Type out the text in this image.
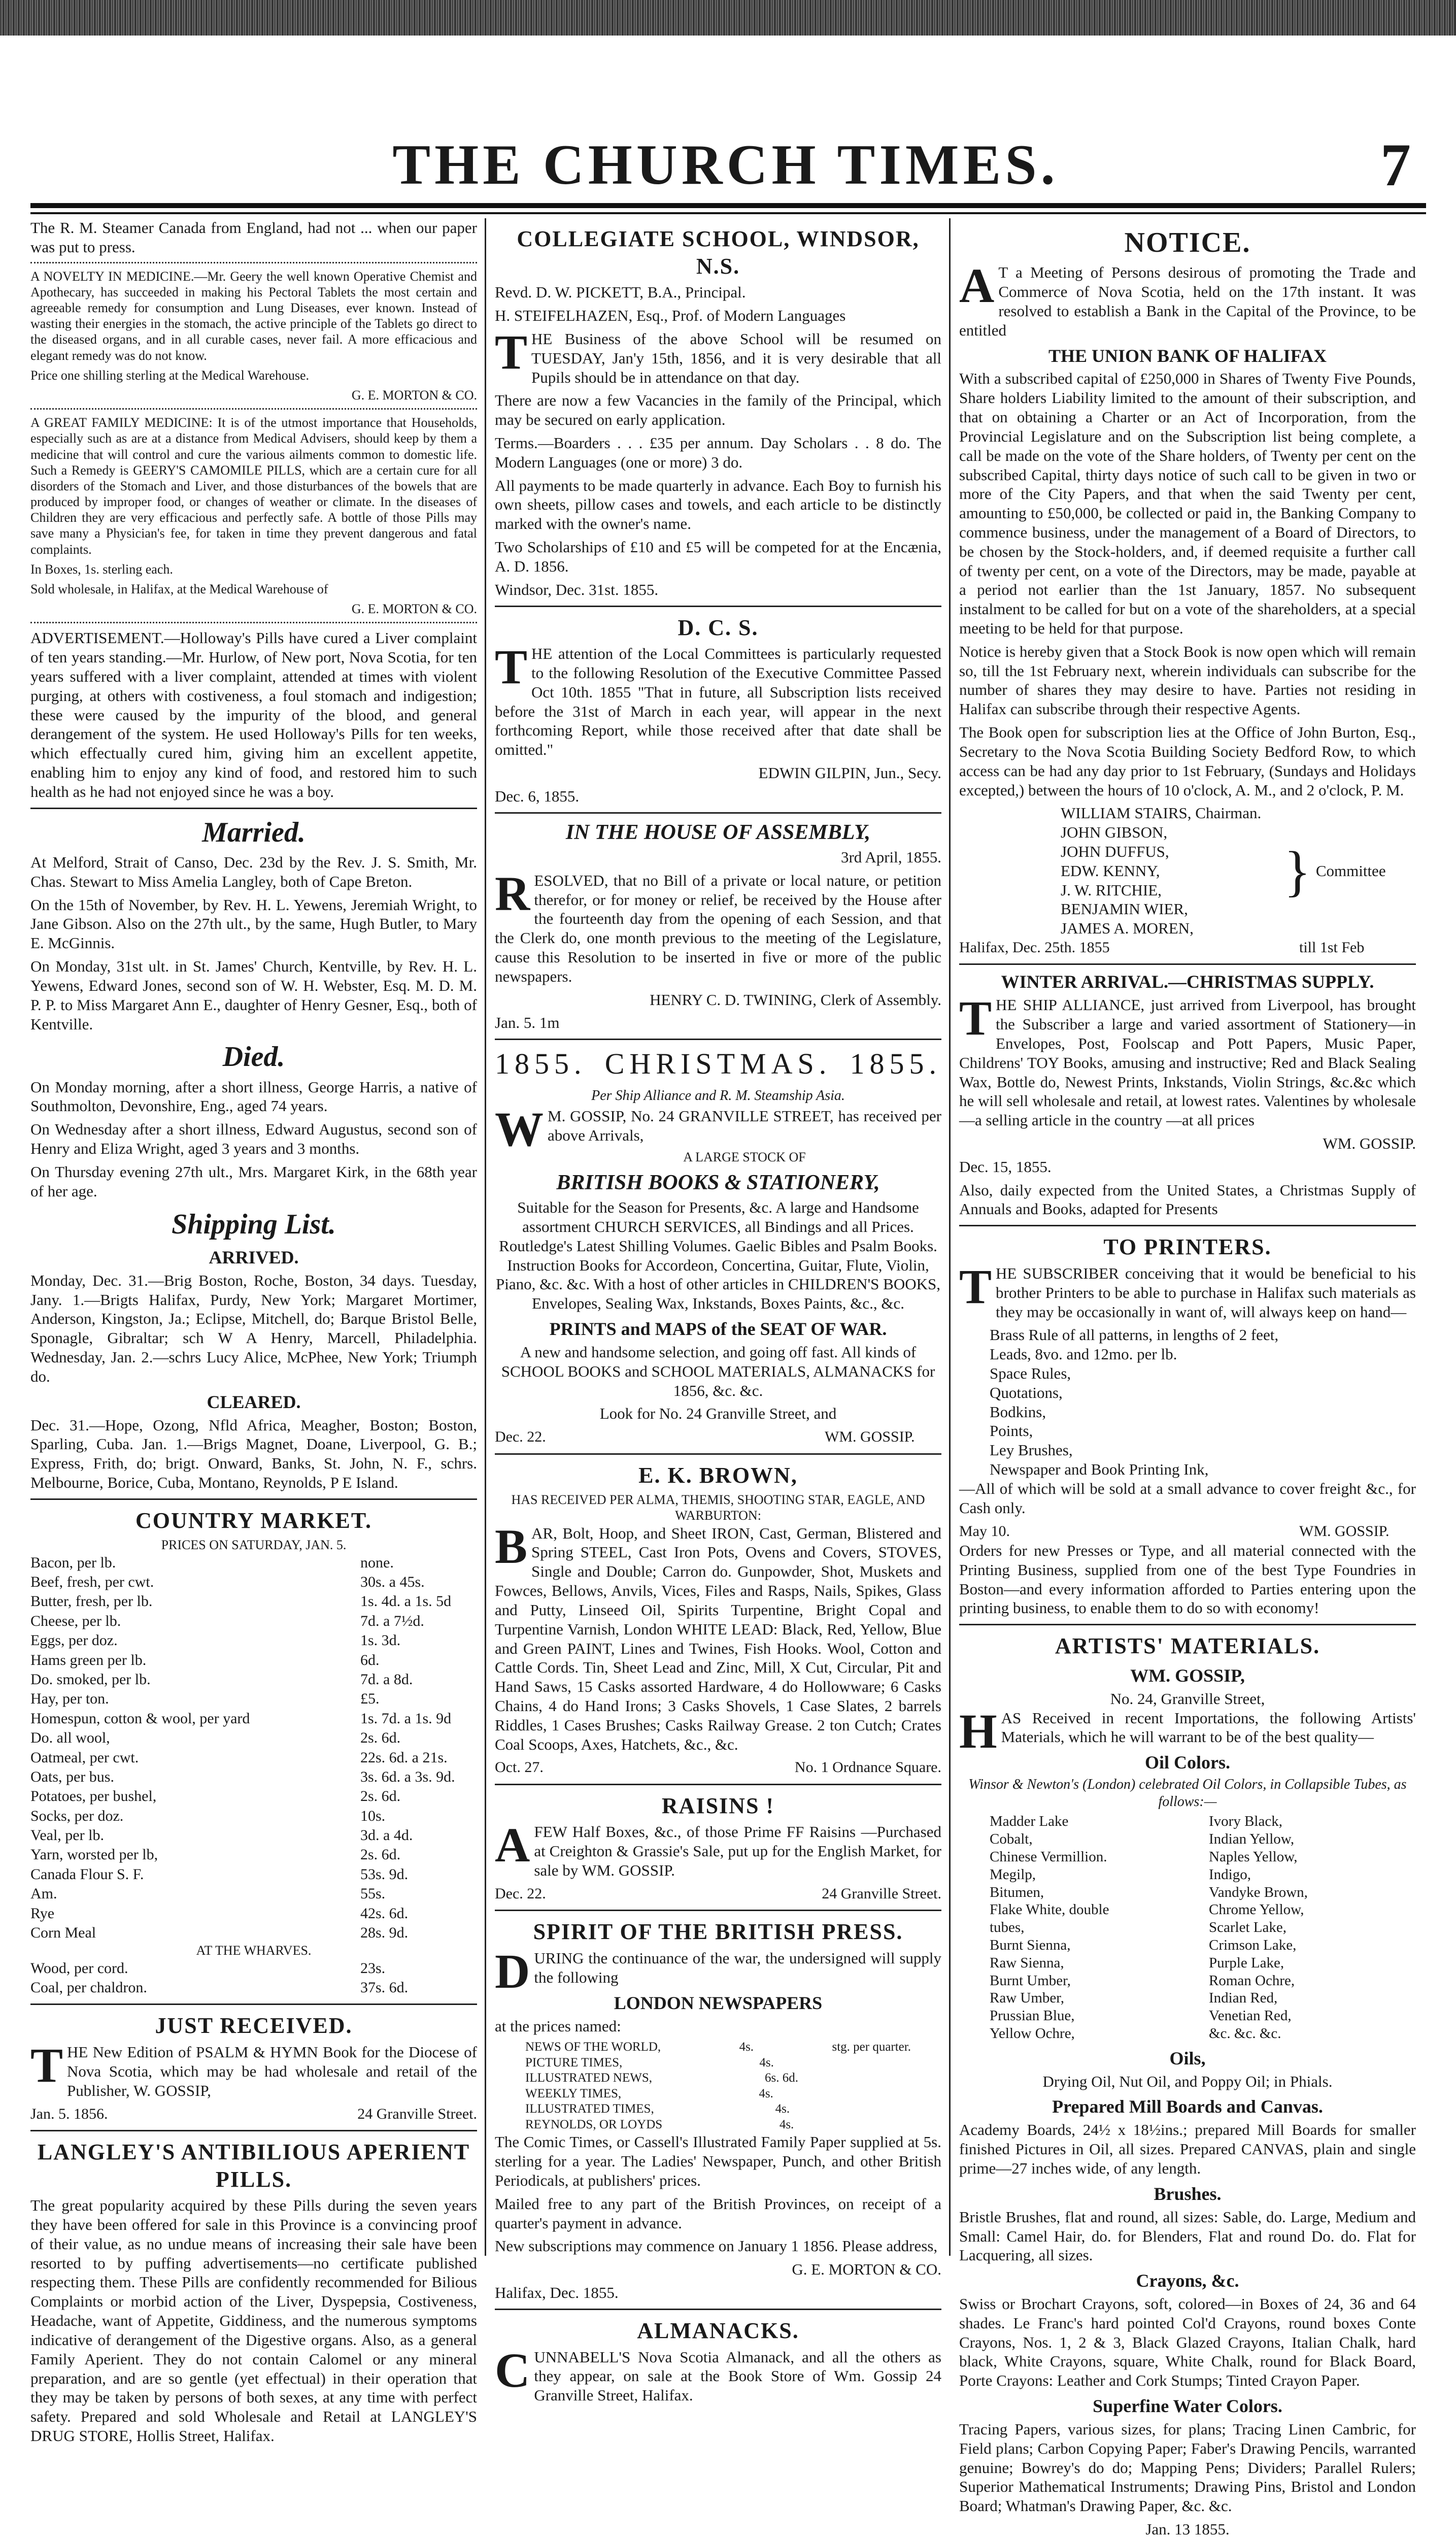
THE CHURCH TIMES.	7

The R. M. Steamer Canada from England, had not ... when our paper was put to press.

A NOVELTY IN MEDICINE.—Mr. Geery the well known Operative Chemist and Apothecary, has succeeded in making his Pectoral Tablets the most certain and agreeable remedy for consumption and Lung Diseases, ever known. Instead of wasting their energies in the stomach, the active principle of the Tablets go direct to the diseased organs, and in all curable cases, never fail. A more efficacious and elegant remedy was do not know.

Price one shilling sterling at the Medical Warehouse.

G. E. MORTON & CO.

A GREAT FAMILY MEDICINE: It is of the utmost importance that Households, especially such as are at a distance from Medical Advisers, should keep by them a medicine that will control and cure the various ailments common to domestic life. Such a Remedy is GEERY'S CAMOMILE PILLS, which are a certain cure for all disorders of the Stomach and Liver, and those disturbances of the bowels that are produced by improper food, or changes of weather or climate. In the diseases of Children they are very efficacious and perfectly safe. A bottle of those Pills may save many a Physician's fee, for taken in time they prevent dangerous and fatal complaints.

In Boxes, 1s. sterling each.

Sold wholesale, in Halifax, at the Medical Warehouse of

G. E. MORTON & CO.

ADVERTISEMENT.—Holloway's Pills have cured a Liver complaint of ten years standing.—Mr. Hurlow, of New port, Nova Scotia, for ten years suffered with a liver complaint, attended at times with violent purging, at others with costiveness, a foul stomach and indigestion; these were caused by the impurity of the blood, and general derangement of the system. He used Holloway's Pills for ten weeks, which effectually cured him, giving him an excellent appetite, enabling him to enjoy any kind of food, and restored him to such health as he had not enjoyed since he was a boy.

Married.

At Melford, Strait of Canso, Dec. 23d by the Rev. J. S. Smith, Mr. Chas. Stewart to Miss Amelia Langley, both of Cape Breton.

On the 15th of November, by Rev. H. L. Yewens, Jeremiah Wright, to Jane Gibson. Also on the 27th ult., by the same, Hugh Butler, to Mary E. McGinnis.

On Monday, 31st ult. in St. James' Church, Kentville, by Rev. H. L. Yewens, Edward Jones, second son of W. H. Webster, Esq. M. D. M. P. P. to Miss Margaret Ann E., daughter of Henry Gesner, Esq., both of Kentville.

Died.

On Monday morning, after a short illness, George Harris, a native of Southmolton, Devonshire, Eng., aged 74 years.

On Wednesday after a short illness, Edward Augustus, second son of Henry and Eliza Wright, aged 3 years and 3 months.

On Thursday evening 27th ult., Mrs. Margaret Kirk, in the 68th year of her age.

Shipping List.
ARRIVED.

Monday, Dec. 31.—Brig Boston, Roche, Boston, 34 days. Tuesday, Jany. 1.—Brigts Halifax, Purdy, New York; Margaret Mortimer, Anderson, Kingston, Ja.; Eclipse, Mitchell, do; Barque Bristol Belle, Sponagle, Gibraltar; sch W A Henry, Marcell, Philadelphia. Wednesday, Jan. 2.—schrs Lucy Alice, McPhee, New York; Triumph do.

CLEARED.

Dec. 31.—Hope, Ozong, Nfld Africa, Meagher, Boston; Boston, Sparling, Cuba. Jan. 1.—Brigs Magnet, Doane, Liverpool, G. B.; Express, Frith, do; brigt. Onward, Banks, St. John, N. F., schrs. Melbourne, Borice, Cuba, Montano, Reynolds, P E Island.

COUNTRY MARKET.
PRICES ON SATURDAY, JAN. 5.
Bacon, per lb.	none.
Beef, fresh, per cwt.	30s. a 45s.
Butter, fresh, per lb.	1s. 4d. a 1s. 5d
Cheese, per lb.	7d. a 7½d.
Eggs, per doz.	1s. 3d.
Hams green per lb.	6d.
Do. smoked, per lb.	7d. a 8d.
Hay, per ton.	£5.
Homespun, cotton & wool, per yard	1s. 7d. a 1s. 9d
Do. all wool,	2s. 6d.
Oatmeal, per cwt.	22s. 6d. a 21s.
Oats, per bus.	3s. 6d. a 3s. 9d.
Potatoes, per bushel,	2s. 6d.
Socks, per doz.	10s.
Veal, per lb.	3d. a 4d.
Yarn, worsted per lb,	2s. 6d.
Canada Flour S. F.	53s. 9d.
Am.	55s.
Rye	42s. 6d.
Corn Meal	28s. 9d.
AT THE WHARVES.
Wood, per cord.	23s.
Coal, per chaldron.	37s. 6d.
JUST RECEIVED.

THE New Edition of PSALM & HYMN Book for the Diocese of Nova Scotia, which may be had wholesale and retail of the Publisher, W. GOSSIP,

Jan. 5. 1856.	24 Granville Street.
LANGLEY'S ANTIBILIOUS APERIENT PILLS.

The great popularity acquired by these Pills during the seven years they have been offered for sale in this Province is a convincing proof of their value, as no undue means of increasing their sale have been resorted to by puffing advertisements—no certificate published respecting them. These Pills are confidently recommended for Bilious Complaints or morbid action of the Liver, Dyspepsia, Costiveness, Headache, want of Appetite, Giddiness, and the numerous symptoms indicative of derangement of the Digestive organs. Also, as a general Family Aperient. They do not contain Calomel or any mineral preparation, and are so gentle (yet effectual) in their operation that they may be taken by persons of both sexes, at any time with perfect safety. Prepared and sold Wholesale and Retail at LANGLEY'S DRUG STORE, Hollis Street, Halifax.

COLLEGIATE SCHOOL, WINDSOR, N.S.

Revd. D. W. PICKETT, B.A., Principal.

H. STEIFELHAZEN, Esq., Prof. of Modern Languages

THE Business of the above School will be resumed on TUESDAY, Jan'y 15th, 1856, and it is very desirable that all Pupils should be in attendance on that day.

There are now a few Vacancies in the family of the Principal, which may be secured on early application.

Terms.—Boarders . . . £35 per annum. Day Scholars . . 8 do. The Modern Languages (one or more) 3 do.

All payments to be made quarterly in advance. Each Boy to furnish his own sheets, pillow cases and towels, and each article to be distinctly marked with the owner's name.

Two Scholarships of £10 and £5 will be competed for at the Encænia, A. D. 1856.

Windsor, Dec. 31st. 1855.

D. C. S.

THE attention of the Local Committees is particularly requested to the following Resolution of the Executive Committee Passed Oct 10th. 1855 "That in future, all Subscription lists received before the 31st of March in each year, will appear in the next forthcoming Report, while those received after that date shall be omitted."

EDWIN GILPIN, Jun., Secy.

Dec. 6, 1855.

IN THE HOUSE OF ASSEMBLY,

3rd April, 1855.

RESOLVED, that no Bill of a private or local nature, or petition therefor, or for money or relief, be received by the House after the fourteenth day from the opening of each Session, and that the Clerk do, one month previous to the meeting of the Legislature, cause this Resolution to be inserted in five or more of the public newspapers.

HENRY C. D. TWINING, Clerk of Assembly.

Jan. 5. 1m

1855. CHRISTMAS. 1855.
Per Ship Alliance and R. M. Steamship Asia.

WM. GOSSIP, No. 24 GRANVILLE STREET, has received per above Arrivals,

A LARGE STOCK OF
BRITISH BOOKS & STATIONERY,

Suitable for the Season for Presents, &c. A large and Handsome assortment CHURCH SERVICES, all Bindings and all Prices. Routledge's Latest Shilling Volumes. Gaelic Bibles and Psalm Books. Instruction Books for Accordeon, Concertina, Guitar, Flute, Violin, Piano, &c. &c. With a host of other articles in CHILDREN'S BOOKS, Envelopes, Sealing Wax, Inkstands, Boxes Paints, &c., &c.

PRINTS and MAPS of the SEAT OF WAR.

A new and handsome selection, and going off fast. All kinds of SCHOOL BOOKS and SCHOOL MATERIALS, ALMANACKS for 1856, &c. &c.

Look for No. 24 Granville Street, and

Dec. 22.	WM. GOSSIP.
E. K. BROWN,
HAS RECEIVED PER ALMA, THEMIS, SHOOTING STAR, EAGLE, AND WARBURTON:

BAR, Bolt, Hoop, and Sheet IRON, Cast, German, Blistered and Spring STEEL, Cast Iron Pots, Ovens and Covers, STOVES, Single and Double; Carron do. Gunpowder, Shot, Muskets and Fowces, Bellows, Anvils, Vices, Files and Rasps, Nails, Spikes, Glass and Putty, Linseed Oil, Spirits Turpentine, Bright Copal and Turpentine Varnish, London WHITE LEAD: Black, Red, Yellow, Blue and Green PAINT, Lines and Twines, Fish Hooks. Wool, Cotton and Cattle Cords. Tin, Sheet Lead and Zinc, Mill, X Cut, Circular, Pit and Hand Saws, 15 Casks assorted Hardware, 4 do Hollowware; 6 Casks Chains, 4 do Hand Irons; 3 Casks Shovels, 1 Case Slates, 2 barrels Riddles, 1 Cases Brushes; Casks Railway Grease. 2 ton Cutch; Crates Coal Scoops, Axes, Hatchets, &c., &c.

Oct. 27.	No. 1 Ordnance Square.
RAISINS !

AFEW Half Boxes, &c., of those Prime FF Raisins —Purchased at Creighton & Grassie's Sale, put up for the English Market, for sale by WM. GOSSIP.

Dec. 22.	24 Granville Street.
SPIRIT OF THE BRITISH PRESS.

DURING the continuance of the war, the undersigned will supply the following

LONDON NEWSPAPERS

at the prices named:

NEWS OF THE WORLD,	4s.	stg. per quarter.
PICTURE TIMES,	4s.
ILLUSTRATED NEWS,	6s. 6d.
WEEKLY TIMES,	4s.
ILLUSTRATED TIMES,	4s.
REYNOLDS, OR LOYDS	4s.

The Comic Times, or Cassell's Illustrated Family Paper supplied at 5s. sterling for a year. The Ladies' Newspaper, Punch, and other British Periodicals, at publishers' prices.

Mailed free to any part of the British Provinces, on receipt of a quarter's payment in advance.

New subscriptions may commence on January 1 1856. Please address,

G. E. MORTON & CO.

Halifax, Dec. 1855.

ALMANACKS.

CUNNABELL'S Nova Scotia Almanack, and all the others as they appear, on sale at the Book Store of Wm. Gossip 24 Granville Street, Halifax.

NOTICE.

AT a Meeting of Persons desirous of promoting the Trade and Commerce of Nova Scotia, held on the 17th instant. It was resolved to establish a Bank in the Capital of the Province, to be entitled

THE UNION BANK OF HALIFAX

With a subscribed capital of £250,000 in Shares of Twenty Five Pounds, Share holders Liability limited to the amount of their subscription, and that on obtaining a Charter or an Act of Incorporation, from the Provincial Legislature and on the Subscription list being complete, a call be made on the vote of the Share holders, of Twenty per cent on the subscribed Capital, thirty days notice of such call to be given in two or more of the City Papers, and that when the said Twenty per cent, amounting to £50,000, be collected or paid in, the Banking Company to commence business, under the management of a Board of Directors, to be chosen by the Stock-holders, and, if deemed requisite a further call of twenty per cent, on a vote of the Directors, may be made, payable at a period not earlier than the 1st January, 1857. No subsequent instalment to be called for but on a vote of the shareholders, at a special meeting to be held for that purpose.

Notice is hereby given that a Stock Book is now open which will remain so, till the 1st February next, wherein individuals can subscribe for the number of shares they may desire to have. Parties not residing in Halifax can subscribe through their respective Agents.

The Book open for subscription lies at the Office of John Burton, Esq., Secretary to the Nova Scotia Building Society Bedford Row, to which access can be had any day prior to 1st February, (Sundays and Holidays excepted,) between the hours of 10 o'clock, A. M., and 2 o'clock, P. M.

WILLIAM STAIRS, Chairman.
JOHN GIBSON,
JOHN DUFFUS,
EDW. KENNY,
J. W. RITCHIE,
BENJAMIN WIER,
JAMES A. MOREN,
} Committee
Halifax, Dec. 25th. 1855	till 1st Feb
WINTER ARRIVAL.—CHRISTMAS SUPPLY.

THE SHIP ALLIANCE, just arrived from Liverpool, has brought the Subscriber a large and varied assortment of Stationery—in Envelopes, Post, Foolscap and Pott Papers, Music Paper, Childrens' TOY Books, amusing and instructive; Red and Black Sealing Wax, Bottle do, Newest Prints, Inkstands, Violin Strings, &c.&c which he will sell wholesale and retail, at lowest rates. Valentines by wholesale—a selling article in the country —at all prices

WM. GOSSIP.

Dec. 15, 1855.

Also, daily expected from the United States, a Christmas Supply of Annuals and Books, adapted for Presents

TO PRINTERS.

THE SUBSCRIBER conceiving that it would be beneficial to his brother Printers to be able to purchase in Halifax such materials as they may be occasionally in want of, will always keep on hand—

Brass Rule of all patterns, in lengths of 2 feet,
Leads, 8vo. and 12mo. per lb.
Space Rules,
Quotations,
Bodkins,
Points,
Ley Brushes,
Newspaper and Book Printing Ink,

—All of which will be sold at a small advance to cover freight &c., for Cash only.

May 10.	WM. GOSSIP.

Orders for new Presses or Type, and all material connected with the Printing Business, supplied from one of the best Type Foundries in Boston—and every information afforded to Parties entering upon the printing business, to enable them to do so with economy!

ARTISTS' MATERIALS.
WM. GOSSIP,
No. 24, Granville Street,

HAS Received in recent Importations, the following Artists' Materials, which he will warrant to be of the best quality—

Oil Colors.
Winsor & Newton's (London) celebrated Oil Colors, in Collapsible Tubes, as follows:—
Madder Lake	Ivory Black,
Cobalt,	Indian Yellow,
Chinese Vermillion.	Naples Yellow,
Megilp,	Indigo,
Bitumen,	Vandyke Brown,
Flake White, double	Chrome Yellow,
tubes,	Scarlet Lake,
Burnt Sienna,	Crimson Lake,
Raw Sienna,	Purple Lake,
Burnt Umber,	Roman Ochre,
Raw Umber,	Indian Red,
Prussian Blue,	Venetian Red,
Yellow Ochre,	&c. &c. &c.
Oils,

Drying Oil, Nut Oil, and Poppy Oil; in Phials.

Prepared Mill Boards and Canvas.

Academy Boards, 24½ x 18½ins.; prepared Mill Boards for smaller finished Pictures in Oil, all sizes. Prepared CANVAS, plain and single prime—27 inches wide, of any length.

Brushes.

Bristle Brushes, flat and round, all sizes: Sable, do. Large, Medium and Small: Camel Hair, do. for Blenders, Flat and round Do. do. Flat for Lacquering, all sizes.

Crayons, &c.

Swiss or Brochart Crayons, soft, colored—in Boxes of 24, 36 and 64 shades. Le Franc's hard pointed Col'd Crayons, round boxes Conte Crayons, Nos. 1, 2 & 3, Black Glazed Crayons, Italian Chalk, hard black, White Crayons, square, White Chalk, round for Black Board, Porte Crayons: Leather and Cork Stumps; Tinted Crayon Paper.

Superfine Water Colors.

Tracing Papers, various sizes, for plans; Tracing Linen Cambric, for Field plans; Carbon Copying Paper; Faber's Drawing Pencils, warranted genuine; Bowrey's do do; Mapping Pens; Dividers; Parallel Rulers; Superior Mathematical Instruments; Drawing Pins, Bristol and London Board; Whatman's Drawing Paper, &c. &c.

Jan. 13 1855.
